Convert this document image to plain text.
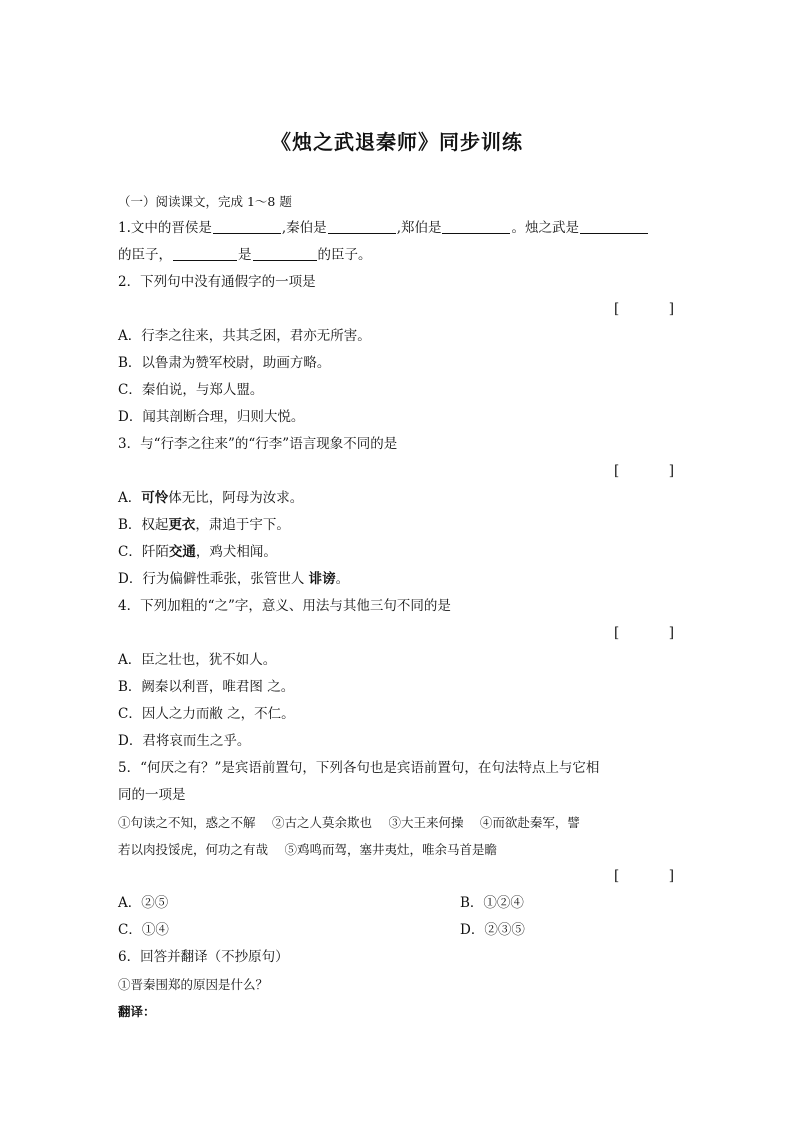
《烛之武退秦师》同步训练
（一）阅读课文，完成 1～8 题
1.文中的晋侯是	,秦伯是	,郑伯是	。烛之武是
的臣子，	是	的臣子。
2．下列句中没有通假字的一项是
[	]
A．行李之往来，共其乏困，君亦无所害。
B．以鲁肃为赞军校尉，助画方略。
C．秦伯说，与郑人盟。
D．闻其剖断合理，归则大悦。
3．与“行李之往来”的“行李”语言现象不同的是
[	]
A．可怜体无比，阿母为汝求。
B．权起更衣，肃追于宇下。
C．阡陌交通，鸡犬相闻。
D．行为偏僻性乖张，张管世人 诽谤。
4．下列加粗的“之”字，意义、用法与其他三句不同的是
[	]
A．臣之壮也，犹不如人。
B．阙秦以利晋，唯君图 之。
C．因人之力而敝 之，不仁。
D．君将哀而生之乎。
5．“何厌之有？”是宾语前置句，下列各句也是宾语前置句，在句法特点上与它相
同的一项是
①句读之不知，惑之不解　 ②古之人莫余欺也　 ③大王来何操　 ④而欲赴秦军，譬
若以肉投馁虎，何功之有哉　 ⑤鸡鸣而驾，塞井夷灶，唯余马首是瞻
[	]
A．②⑤	B．①②④
C．①④	D．②③⑤
6．回答并翻译（不抄原句）
①晋秦围郑的原因是什么？
翻译：
